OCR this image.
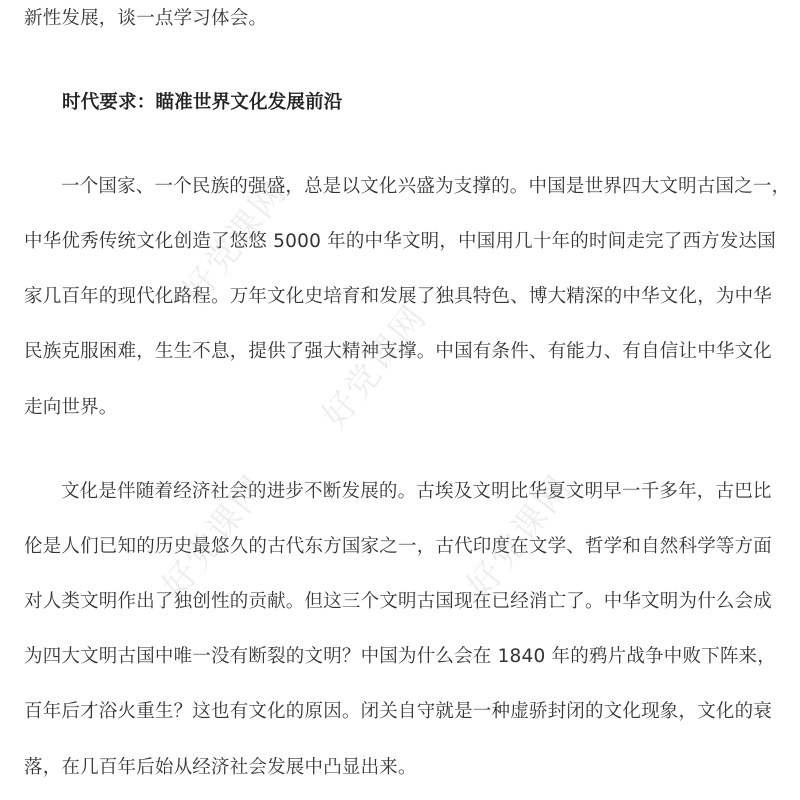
新性发展，谈一点学习体会。
时代要求：瞄准世界文化发展前沿
一个国家、一个民族的强盛，总是以文化兴盛为支撑的。中国是世界四大文明古国之一，
中华优秀传统文化创造了悠悠 5000 年的中华文明，中国用几十年的时间走完了西方发达国
家几百年的现代化路程。万年文化史培育和发展了独具特色、博大精深的中华文化，为中华
民族克服困难，生生不息，提供了强大精神支撑。中国有条件、有能力、有自信让中华文化
走向世界。
文化是伴随着经济社会的进步不断发展的。古埃及文明比华夏文明早一千多年，古巴比
伦是人们已知的历史最悠久的古代东方国家之一，古代印度在文学、哲学和自然科学等方面
对人类文明作出了独创性的贡献。但这三个文明古国现在已经消亡了。中华文明为什么会成
为四大文明古国中唯一没有断裂的文明？中国为什么会在 1840 年的鸦片战争中败下阵来，
百年后才浴火重生？这也有文化的原因。闭关自守就是一种虚骄封闭的文化现象，文化的衰
落，在几百年后始从经济社会发展中凸显出来。
好党课网
好党课网
好党课网	好党课网
